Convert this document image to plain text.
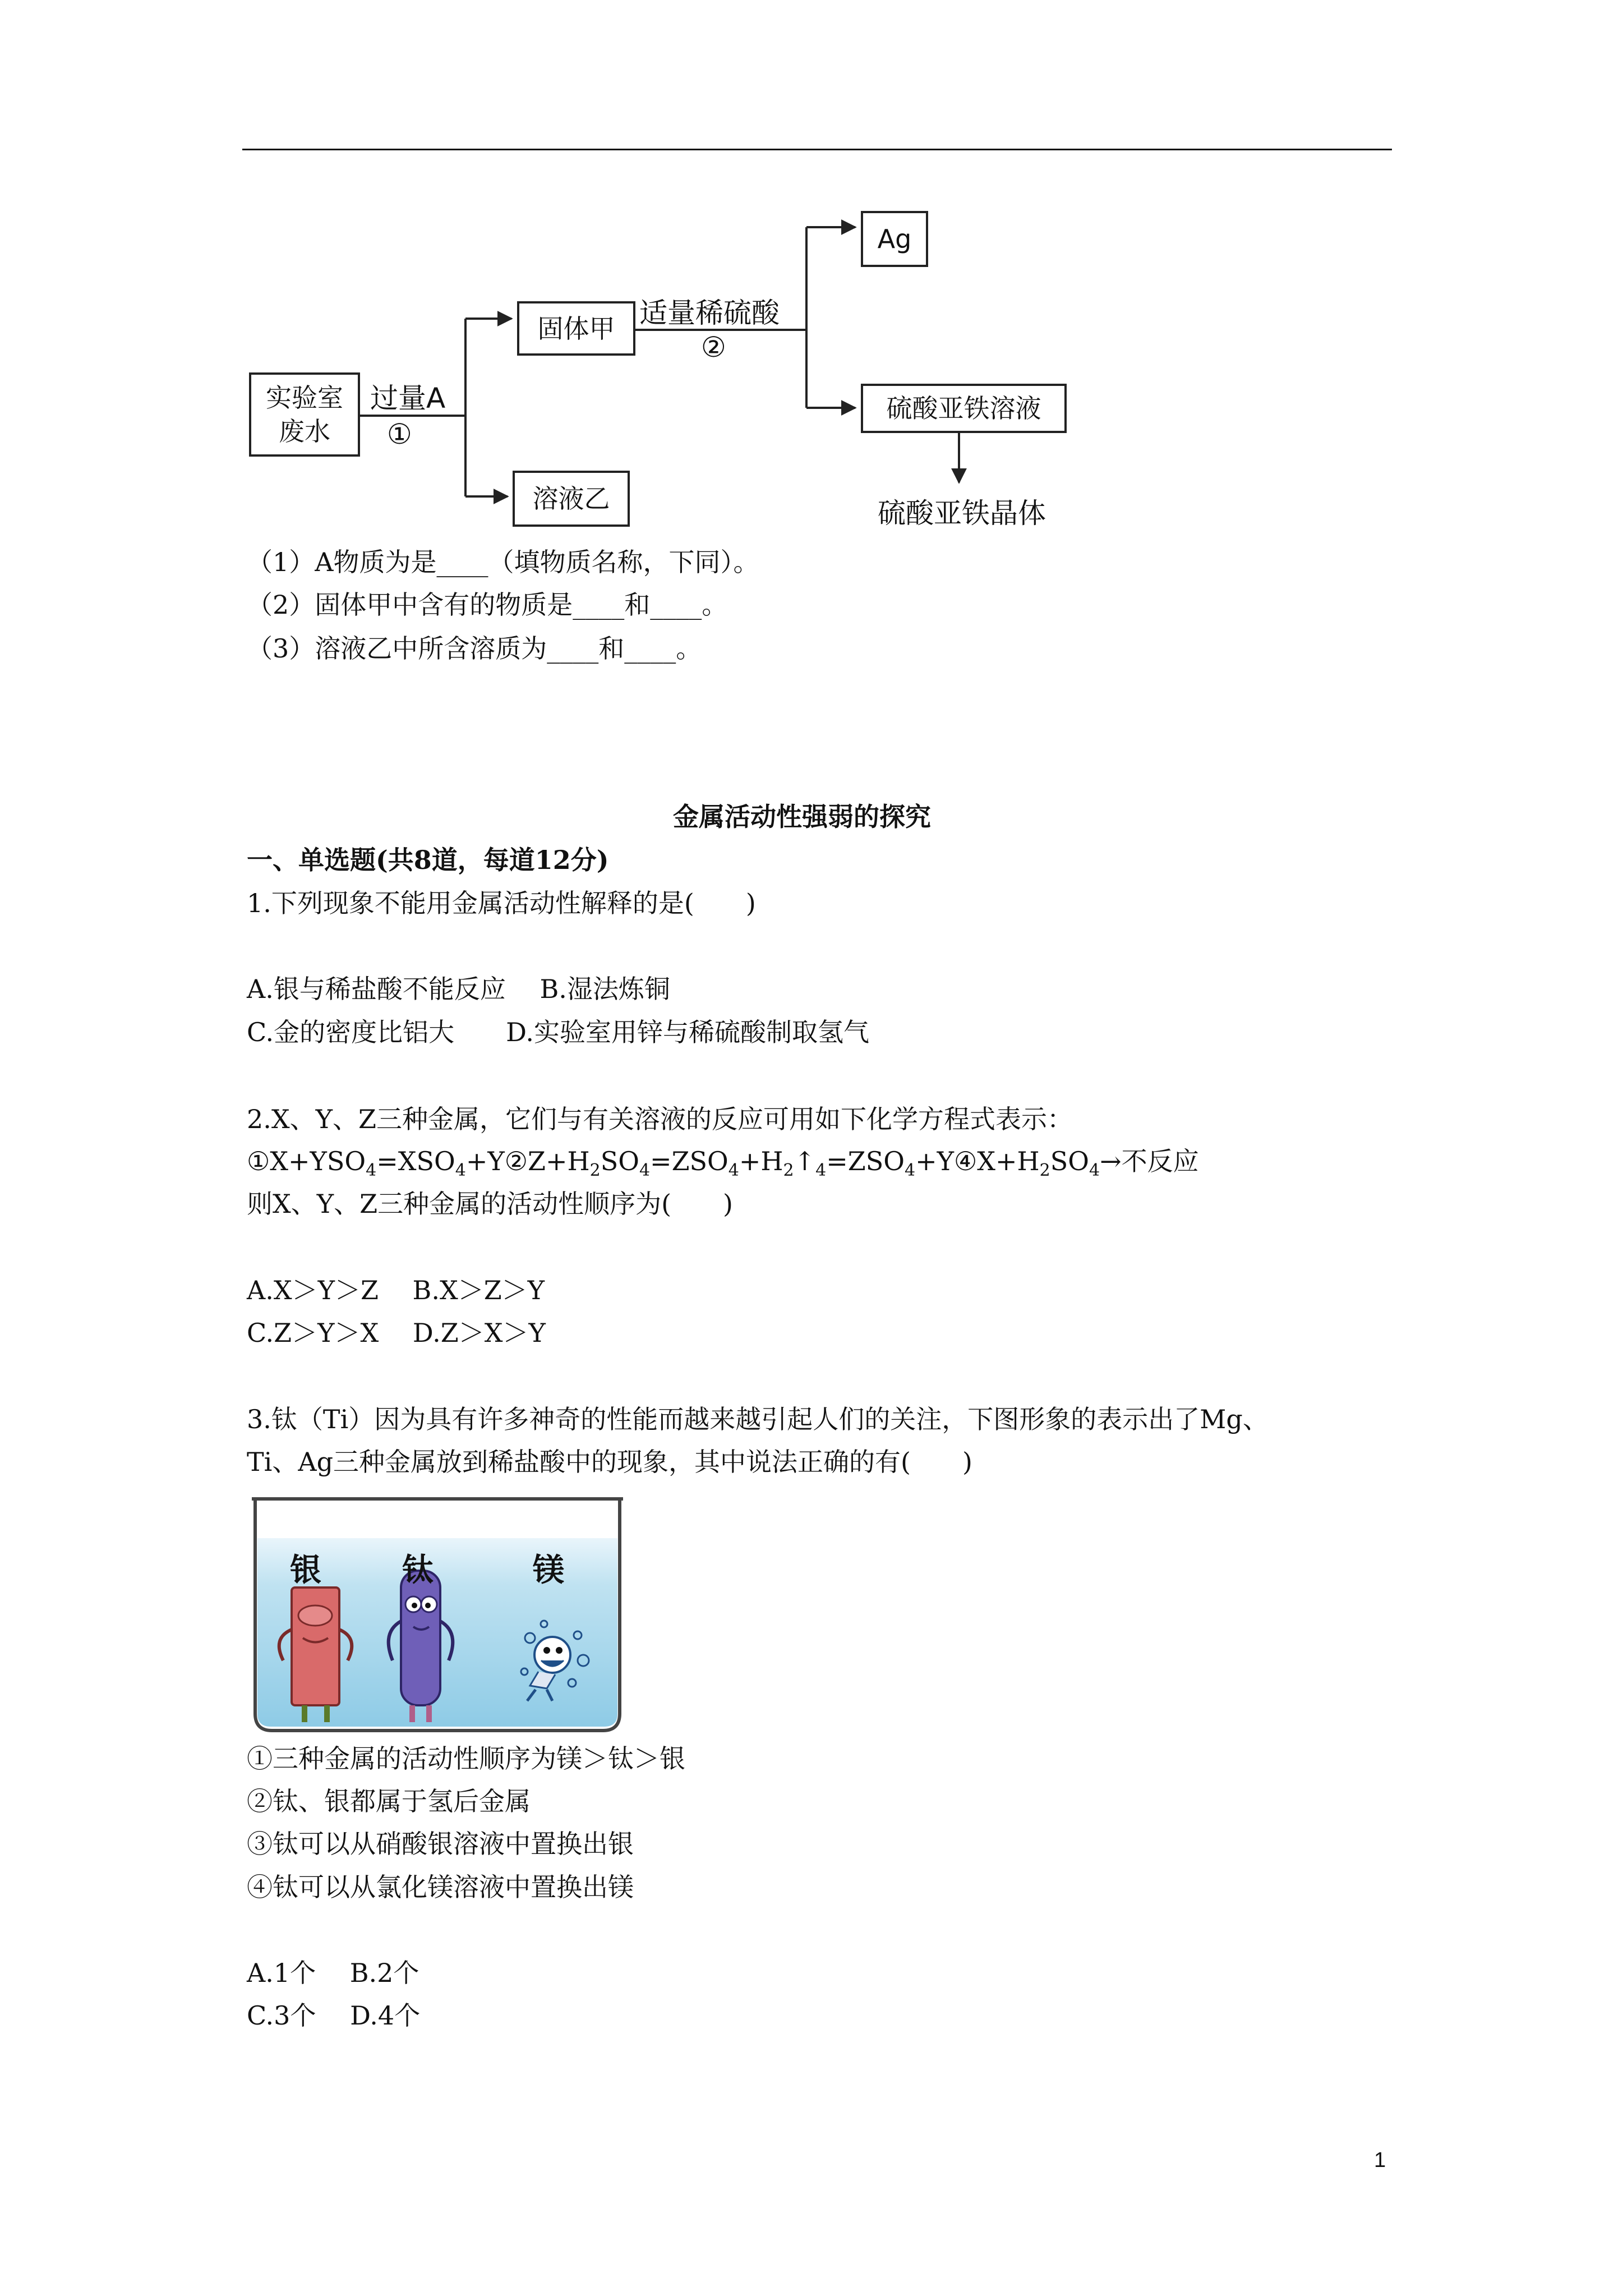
实验室
废水
固体甲
Ag
硫酸亚铁溶液
溶液乙
过量A
①
适量稀硫酸
②
硫酸亚铁晶体
（1）A物质为是____（填物质名称，下同）。
（2）固体甲中含有的物质是____和____。
（3）溶液乙中所含溶质为____和____。
金属活动性强弱的探究
一、单选题(共8道，每道12分)
1.下列现象不能用金属活动性解释的是(　　)
A.银与稀盐酸不能反应　 B.湿法炼铜
C.金的密度比铝大　　D.实验室用锌与稀硫酸制取氢气
2.X、Y、Z三种金属，它们与有关溶液的反应可用如下化学方程式表示：
$①X+YSO_4=XSO_4+Y②Z+H_2SO_4=ZSO_4+H_2↑_4=ZSO_4+Y④X+H_2SO_4\to$不反应
则X、Y、Z三种金属的活动性顺序为(　　)
A.X＞Y＞Z　 B.X＞Z＞Y
C.Z＞Y＞X　 D.Z＞X＞Y
3.钛（Ti）因为具有许多神奇的性能而越来越引起人们的关注，下图形象的表示出了Mg、
Ti、Ag三种金属放到稀盐酸中的现象，其中说法正确的有(　　)
银	钛	镁
①三种金属的活动性顺序为镁＞钛＞银
②钛、银都属于氢后金属
③钛可以从硝酸银溶液中置换出银
④钛可以从氯化镁溶液中置换出镁
A.1个　 B.2个
C.3个　 D.4个
1
